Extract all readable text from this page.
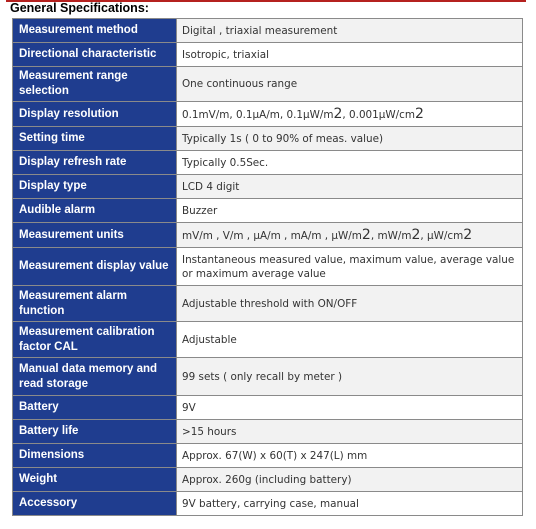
General Specifications:
Measurement method	Digital , triaxial measurement
Directional characteristic	Isotropic, triaxial
Measurement range selection	One continuous range
Display resolution	0.1mV/m, 0.1μA/m, 0.1μW/m2, 0.001μW/cm2
Setting time	Typically 1s ( 0 to 90% of meas. value)
Display refresh rate	Typically 0.5Sec.
Display type	LCD 4 digit
Audible alarm	Buzzer
Measurement units	mV/m , V/m , μA/m , mA/m , μW/m2, mW/m2, μW/cm2
Measurement display value	Instantaneous measured value, maximum value, average value or maximum average value
Measurement alarm function	Adjustable threshold with ON/OFF
Measurement calibration factor CAL	Adjustable
Manual data memory and read storage	99 sets ( only recall by meter )
Battery	9V
Battery life	>15 hours
Dimensions	Approx. 67(W) x 60(T) x 247(L) mm
Weight	Approx. 260g (including battery)
Accessory	9V battery, carrying case, manual
